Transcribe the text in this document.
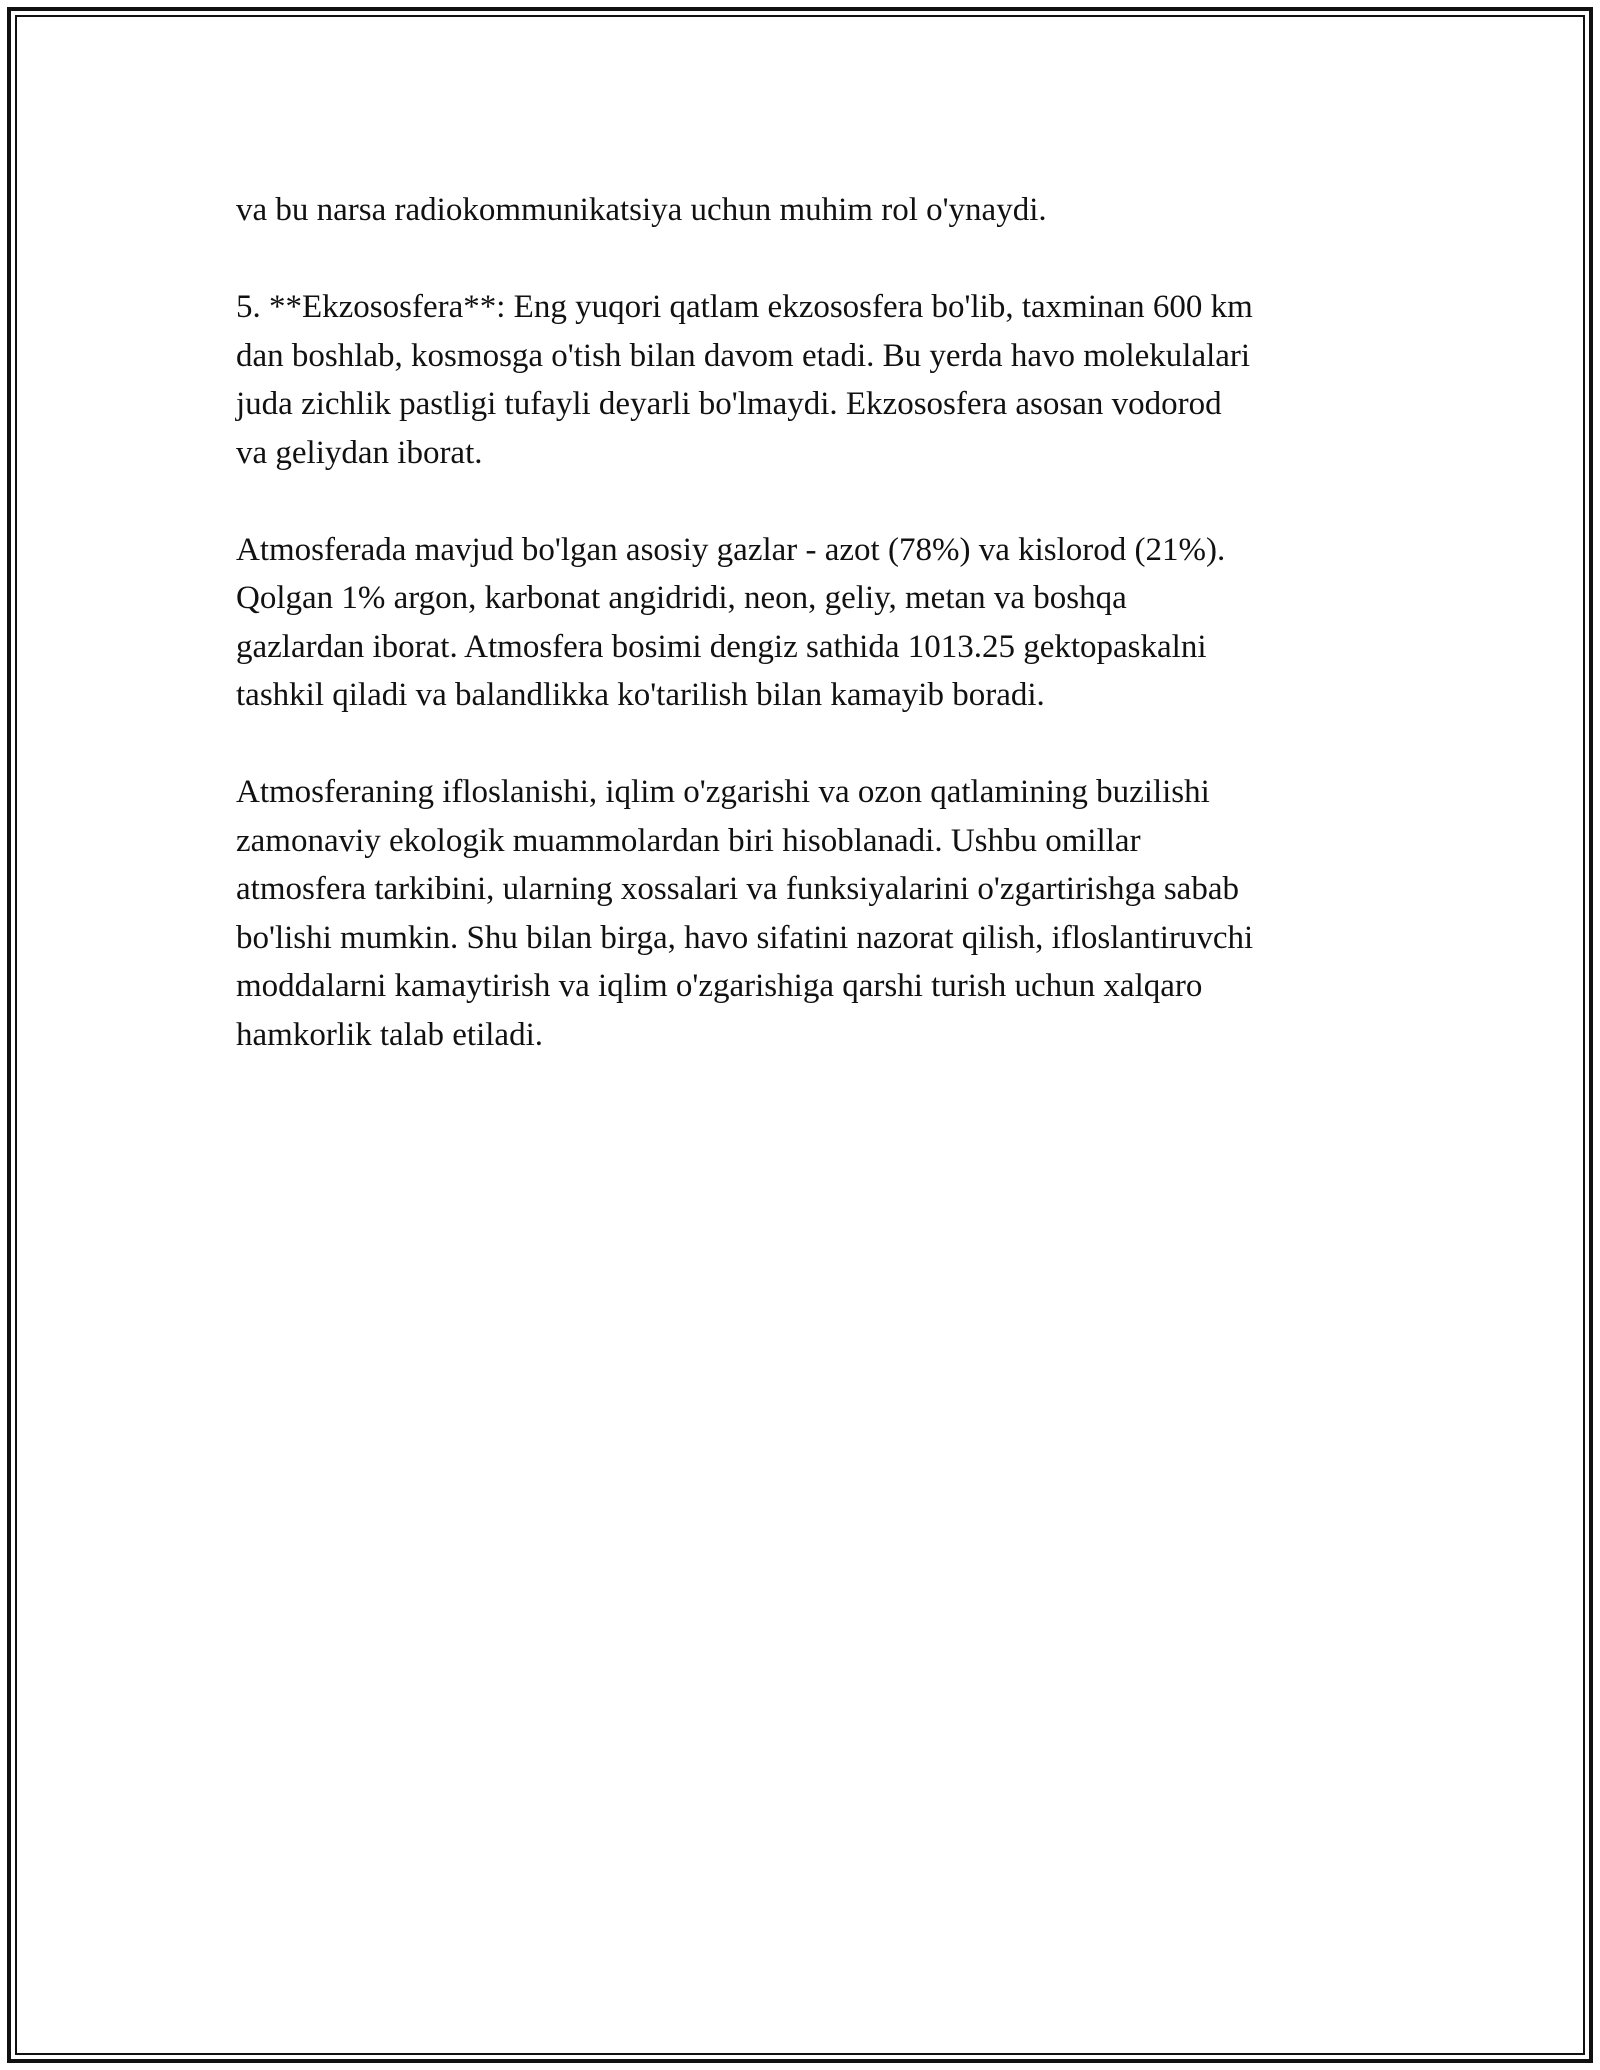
va bu narsa radiokommunikatsiya uchun muhim rol o'ynaydi.

5. **Ekzososfera**: Eng yuqori qatlam ekzososfera bo'lib, taxminan 600 km
dan boshlab, kosmosga o'tish bilan davom etadi. Bu yerda havo molekulalari
juda zichlik pastligi tufayli deyarli bo'lmaydi. Ekzososfera asosan vodorod
va geliydan iborat.

Atmosferada mavjud bo'lgan asosiy gazlar - azot (78%) va kislorod (21%).
Qolgan 1% argon, karbonat angidridi, neon, geliy, metan va boshqa
gazlardan iborat. Atmosfera bosimi dengiz sathida 1013.25 gektopaskalni
tashkil qiladi va balandlikka ko'tarilish bilan kamayib boradi.

Atmosferaning ifloslanishi, iqlim o'zgarishi va ozon qatlamining buzilishi
zamonaviy ekologik muammolardan biri hisoblanadi. Ushbu omillar
atmosfera tarkibini, ularning xossalari va funksiyalarini o'zgartirishga sabab
bo'lishi mumkin. Shu bilan birga, havo sifatini nazorat qilish, ifloslantiruvchi
moddalarni kamaytirish va iqlim o'zgarishiga qarshi turish uchun xalqaro
hamkorlik talab etiladi.
